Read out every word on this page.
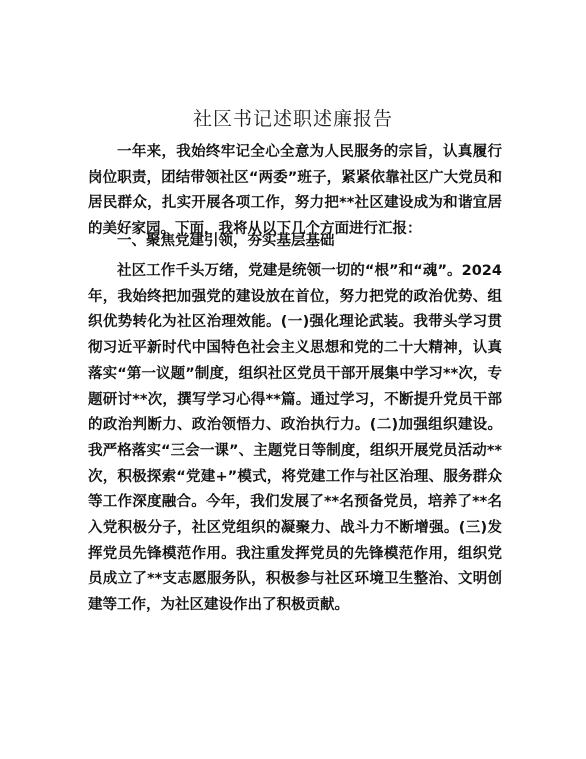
社区书记述职述廉报告

一年来，我始终牢记全心全意为人民服务的宗旨，认真履行岗位职责，团结带领社区“两委”班子，紧紧依靠社区广大党员和居民群众，扎实开展各项工作，努力把**社区建设成为和谐宜居的美好家园。下面，我将从以下几个方面进行汇报：

一、聚焦党建引领，夯实基层基础

社区工作千头万绪，党建是统领一切的“根”和“魂”。2024 年，我始终把加强党的建设放在首位，努力把党的政治优势、组织优势转化为社区治理效能。(一)强化理论武装。我带头学习贯彻习近平新时代中国特色社会主义思想和党的二十大精神，认真落实“第一议题”制度，组织社区党员干部开展集中学习**次，专题研讨**次，撰写学习心得**篇。通过学习，不断提升党员干部的政治判断力、政治领悟力、政治执行力。(二)加强组织建设。我严格落实“三会一课”、主题党日等制度，组织开展党员活动**次，积极探索“党建+”模式，将党建工作与社区治理、服务群众等工作深度融合。今年，我们发展了**名预备党员，培养了**名入党积极分子，社区党组织的凝聚力、战斗力不断增强。(三)发挥党员先锋模范作用。我注重发挥党员的先锋模范作用，组织党员成立了**支志愿服务队，积极参与社区环境卫生整治、文明创建等工作，为社区建设作出了积极贡献。
